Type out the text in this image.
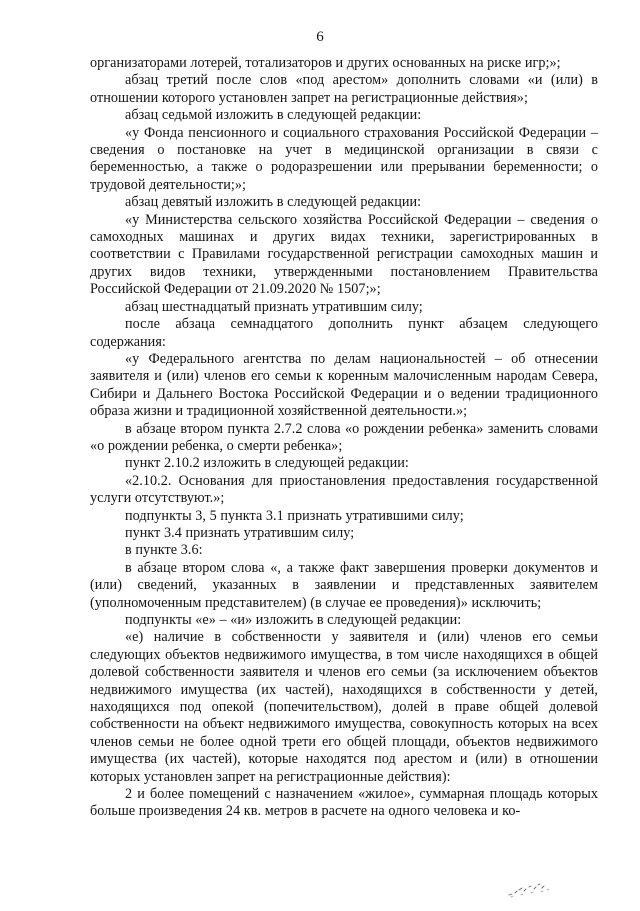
6

организаторами лотерей, тотализаторов и других основанных на риске игр;»;

абзац третий после слов «под арестом» дополнить словами «и (или) в отношении которого установлен запрет на регистрационные действия»;

абзац седьмой изложить в следующей редакции:

«у Фонда пенсионного и социального страхования Российской Федерации – сведения о постановке на учет в медицинской организации в связи с беременностью, а также о родоразрешении или прерывании беременности; о трудовой деятельности;»;

абзац девятый изложить в следующей редакции:

«у Министерства сельского хозяйства Российской Федерации – сведения о самоходных машинах и других видах техники, зарегистрированных в соответствии с Правилами государственной регистрации самоходных машин и других видов техники, утвержденными постановлением Правительства Российской Федерации от 21.09.2020 № 1507;»;

абзац шестнадцатый признать утратившим силу;

после абзаца семнадцатого дополнить пункт абзацем следующего содержания:

«у Федерального агентства по делам национальностей – об отнесении заявителя и (или) членов его семьи к коренным малочисленным народам Севера, Сибири и Дальнего Востока Российской Федерации и о ведении традиционного образа жизни и традиционной хозяйственной деятельности.»;

в абзаце втором пункта 2.7.2 слова «о рождении ребенка» заменить словами «о рождении ребенка, о смерти ребенка»;

пункт 2.10.2 изложить в следующей редакции:

«2.10.2. Основания для приостановления предоставления государственной услуги отсутствуют.»;

подпункты 3, 5 пункта 3.1 признать утратившими силу;

пункт 3.4 признать утратившим силу;

в пункте 3.6:

в абзаце втором слова «, а также факт завершения проверки документов и (или) сведений, указанных в заявлении и представленных заявителем (уполномоченным представителем) (в случае ее проведения)» исключить;

подпункты «е» – «и» изложить в следующей редакции:

«е) наличие в собственности у заявителя и (или) членов его семьи следующих объектов недвижимого имущества, в том числе находящихся в общей долевой собственности заявителя и членов его семьи (за исключением объектов недвижимого имущества (их частей), находящихся в собственности у детей, находящихся под опекой (попечительством), долей в праве общей долевой собственности на объект недвижимого имущества, совокупность которых на всех членов семьи не более одной трети его общей площади, объектов недвижимого имущества (их частей), которые находятся под арестом и (или) в отношении которых установлен запрет на регистрационные действия):

2 и более помещений с назначением «жилое», суммарная площадь которых больше произведения 24 кв. метров в расчете на одного человека и ко-
